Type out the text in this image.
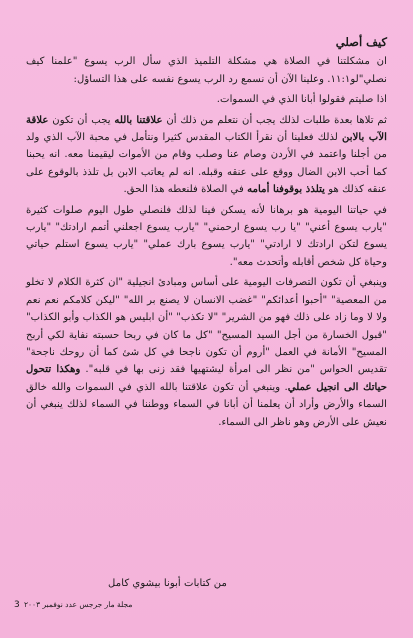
كيف أصلي

ان مشكلتنا في الصلاة هي مشكلة التلميذ الذي سأل الرب يسوع "علمنا كيف نصلي"لو١١:١. وعلينا الآن أن نسمع رد الرب يسوع نفسه على هذا التساؤل:

اذا صليتم فقولوا أبانا الذي في السموات.

ثم تلاها بعدة طلبات لذلك يجب أن نتعلم من ذلك أن علاقتنا بالله يجب أن تكون علاقة الآب بالابن لذلك فعلينا أن نقرأ الكتاب المقدس كثيرا ونتأمل في محبة الآب الذي ولد من أجلنا واعتمد في الأردن وصام عنا وصلب وقام من الأموات ليقيمنا معه. انه يحبنا كما أحب الابن الضال ووقع على عنقه وقبله. انه لم يعاتب الابن بل تلذذ بالوقوع على عنقه كذلك هو يتلذذ بوقوفنا أمامه في الصلاة فلنعطه هذا الحق.

في حياتنا اليومية هو برهانا لأنه يسكن فينا لذلك فلنصلي طول اليوم صلوات كثيرة "يارب يسوع أعني" "يا رب يسوع ارحمني" "يارب يسوع اجعلني أتمم ارادتك" "يارب يسوع لتكن ارادتك لا ارادتي" "يارب يسوع بارك عملي" "يارب يسوع استلم حياتي وحياة كل شخص أقابله وأتحدث معه".

وينبغي أن تكون التصرفات اليومية على أساس ومبادئ انجيلية "ان كثرة الكلام لا تخلو من المعصية" "أحبوا أعدائكم" "غضب الانسان لا يصنع بر الله" "ليكن كلامكم نعم نعم ولا لا وما زاد على ذلك فهو من الشرير" "لا تكذب" "أن ابليس هو الكذاب وأبو الكذاب" "قبول الخسارة من أجل السيد المسيح" "كل ما كان في ربحا حسبته نفاية لكي أربح المسيح" الأمانة في العمل "أروم أن تكون ناجحا في كل شئ كما أن روحك ناجحة" تقديس الحواس "من نظر الى امرأة ليشتهيها فقد زنى بها في قلبه". وهكذا تتحول حياتك الى انجيل عملي. وينبغي أن تكون علاقتنا بالله الذي في السموات والله خالق السماء والأرض وأراد أن يعلمنا أن أبانا في السماء ووطننا في السماء لذلك ينبغي أن نعيش على الأرض وهو ناظر الى السماء.

من كتابات أبونا بيشوي كامل
مجلة مار جرجس عدد نوفمبر ٢٠٠٣
3
